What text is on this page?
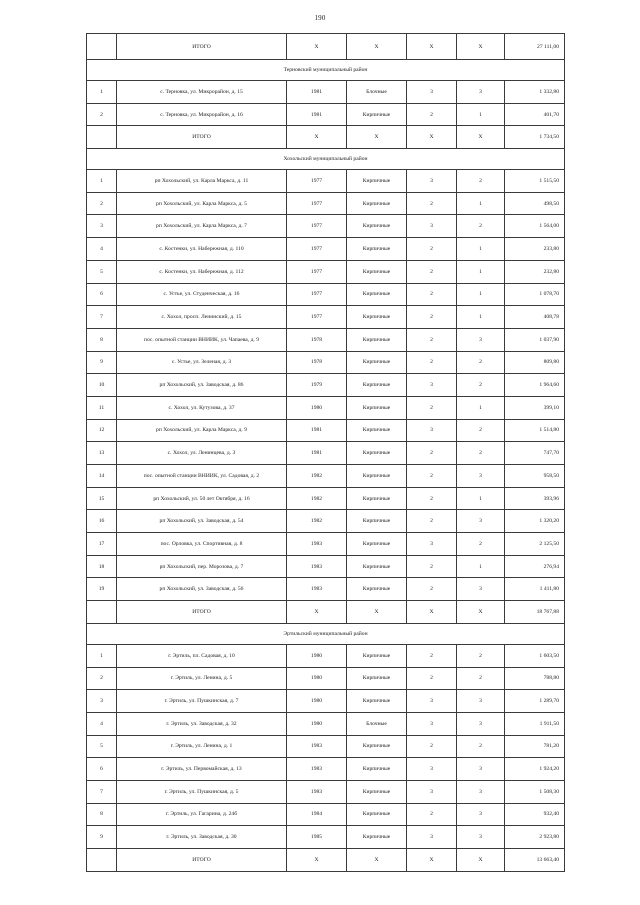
190
	ИТОГО	X	X	X	X	27 111,00
Терновский муниципальный район						
1	с. Терновка, ул. Микрорайон, д. 15	1981	Блочные	3	3	1 332,80
2	с. Терновка, ул. Микрорайон, д. 16	1981	Кирпичные	2	1	401,70
	ИТОГО	X	X	X	X	1 734,50
Хохольский муниципальный район						
1	рп Хохольский, ул. Карла Маркса, д. 11	1977	Кирпичные	3	2	1 515,50
2	рп Хохольский, ул. Карла Маркса, д. 5	1977	Кирпичные	2	1	498,50
3	рп Хохольский, ул. Карла Маркса, д. 7	1977	Кирпичные	3	2	1 564,00
4	с. Костенки, ул. Набережная, д. 110	1977	Кирпичные	2	1	233,80
5	с. Костенки, ул. Набережная, д. 112	1977	Кирпичные	2	1	232,80
6	с. Устье, ул. Студенческая, д. 16	1977	Кирпичные	2	1	1 078,70
7	с. Хохол, просп. Ленинский, д. 15	1977	Кирпичные	2	1	408,78
8	пос. опытной станции ВНИИК, ул. Чапаева, д. 9	1978	Кирпичные	2	3	1 037,90
9	с. Устье, ул. Зеленая, д. 3	1978	Кирпичные	2	2	809,80
10	рп Хохольский, ул. Заводская, д. 86	1979	Кирпичные	3	2	1 964,60
11	с. Хохол, ул. Кутузова, д. 37	1980	Кирпичные	2	1	399,10
12	рп Хохольский, ул. Карла Маркса, д. 9	1981	Кирпичные	3	2	1 514,80
13	с. Хохол, ул. Ленинцева, д. 3	1981	Кирпичные	2	2	747,70
14	пос. опытной станции ВНИИК, ул. Садовая, д. 2	1982	Кирпичные	2	3	958,50
15	рп Хохольский, ул. 50 лет Октября, д. 16	1982	Кирпичные	2	1	393,96
16	рп Хохольский, ул. Заводская, д. 54	1982	Кирпичные	2	3	1 320,20
17	пос. Орловка, ул. Спортивная, д. 8	1983	Кирпичные	3	2	2 125,50
18	рп Хохольский, пер. Морозова, д. 7	1983	Кирпичные	2	1	276,94
19	рп Хохольский, ул. Заводская, д. 56	1983	Кирпичные	2	3	1 411,80
	ИТОГО	X	X	X	X	18 767,88
Эртильский муниципальный район						
1	г. Эртиль, пл. Садовая, д. 10	1980	Кирпичные	2	2	1 603,50
2	г. Эртиль, ул. Ленина, д. 5	1980	Кирпичные	2	2	788,80
3	г. Эртиль, ул. Пушкинская, д. 7	1980	Кирпичные	3	3	1 289,70
4	г. Эртиль, ул. Заводская, д. 32	1980	Блочные	3	3	1 911,50
5	г. Эртиль, ул. Ленина, д. 1	1983	Кирпичные	2	2	781,20
6	г. Эртиль, ул. Первомайская, д. 13	1983	Кирпичные	3	3	1 924,20
7	г. Эртиль, ул. Пушкинская, д. 5	1983	Кирпичные	3	3	1 508,30
8	г. Эртиль, ул. Гагарина, д. 24б	1984	Кирпичные	2	3	932,40
9	г. Эртиль, ул. Заводская, д. 30	1985	Кирпичные	3	3	2 923,80
	ИТОГО	X	X	X	X	13 663,40
